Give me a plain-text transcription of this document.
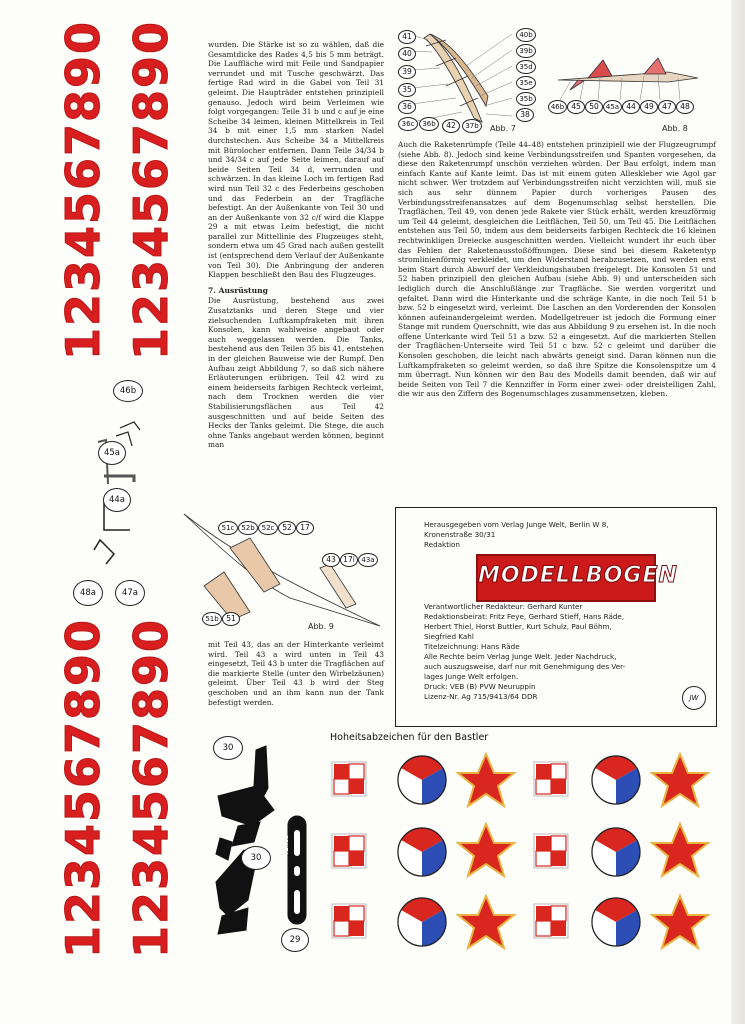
1234567890 1234567890
1234567890 1234567890

wurden. Die Stärke ist so zu wählen, daß die Gesamtdicke des Rades 4,5 bis 5 mm beträgt. Die Lauffläche wird mit Feile und Sandpapier verrundet und mit Tusche geschwärzt. Das fertige Rad wird in die Gabel von Teil 31 geleimt. Die Haupträder entstehen prinzipiell genauso. Jedoch wird beim Verleimen wie folgt vorgegangen: Teile 31 b und c auf je eine Scheibe 34 leimen, kleinen Mittelkreis in Teil 34 b mit einer 1,5 mm starken Nadel durchstechen. Aus Scheibe 34 a Mittelkreis mit Bürolocher entfernen. Dann Teile 34/34 b und 34/34 c auf jede Seite leimen, darauf auf beide Seiten Teil 34 d, verrunden und schwärzen. In das kleine Loch im fertigen Rad wird nun Teil 32 c des Federbeins geschoben und das Federbein an der Tragfläche befestigt. An der Außenkante von Teil 30 und an der Außenkante von 32 c/f wird die Klappe 29 a mit etwas Leim befestigt, die nicht parallel zur Mittellinie des Flugzeuges steht, sondern etwa um 45 Grad nach außen gestellt ist (entsprechend dem Verlauf der Außenkante von Teil 30). Die Anbringung der anderen Klappen beschließt den Bau des Flugzeuges.

7. Ausrüstung

Die Ausrüstung, bestehend aus zwei Zusatztanks und deren Stege und vier zielsuchenden Luftkampfraketen mit ihren Konsolen, kann wahlweise angebaut oder auch weggelassen werden. Die Tanks, bestehend aus den Teilen 35 bis 41, entstehen in der gleichen Bauweise wie der Rumpf. Den Aufbau zeigt Abbildung 7, so daß sich nähere Erläuterungen erübrigen. Teil 42 wird zu einem beiderseits farbigen Rechteck verleimt, nach dem Trocknen werden die vier Stabilisierungsflächen aus Teil 42 ausgeschnitten und auf beide Seiten des Hecks der Tanks geleimt. Die Stege, die auch ohne Tanks angebaut werden können, beginnt man

mit Teil 43, das an der Hinterkante verleimt wird. Teil 43 a wird unten in Teil 43 eingesetzt, Teil 43 b unter die Tragflächen auf die markierte Stelle (unter den Wirbelzäunen) geleimt. Über Teil 43 b wird der Steg geschoben und an ihm kann nun der Tank befestigt werden.

Auch die Raketenrümpfe (Teile 44–48) entstehen prinzipiell wie der Flugzeugrumpf (siehe Abb. 8). Jedoch sind keine Verbindungsstreifen und Spanten vorgesehen, da diese den Raketenrumpf unschön verziehen würden. Der Bau erfolgt, indem man einfach Kante auf Kante leimt. Das ist mit einem guten Alleskleber wie Agol gar nicht schwer. Wer trotzdem auf Verbindungsstreifen nicht verzichten will, muß sie sich aus sehr dünnem Papier durch vorheriges Pausen des Verbindungsstreifenansatzes auf dem Bogenumschlag selbst herstellen. Die Tragflächen, Teil 49, von denen jede Rakete vier Stück erhält, werden kreuzförmig um Teil 44 geleimt, desgleichen die Leitflächen, Teil 50, um Teil 45. Die Leitflächen entstehen aus Teil 50, indem aus dem beiderseits farbigen Rechteck die 16 kleinen rechtwinkligen Dreiecke ausgeschnitten werden. Vielleicht wundert ihr euch über das Fehlen der Raketenausstoßöffnungen. Diese sind bei diesem Raketentyp stromlinienförmig verkleidet, um den Widerstand herabzusetzen, und werden erst beim Start durch Abwurf der Verkleidungshauben freigelegt. Die Konsolen 51 und 52 haben prinzipiell den gleichen Aufbau (siehe Abb. 9) und unterscheiden sich lediglich durch die Anschlußlänge zur Tragfläche. Sie werden vorgeritzt und gefaltet. Dann wird die Hinterkante und die schräge Kante, in die noch Teil 51 b bzw. 52 b eingesetzt wird, verleimt. Die Laschen an den Vorderenden der Konsolen können aufeinandergeleimt werden. Modellgetreuer ist jedoch die Formung einer Stange mit rundem Querschnitt, wie das aus Abbildung 9 zu ersehen ist. In die noch offene Unterkante wird Teil 51 a bzw. 52 a eingesetzt. Auf die markierten Stellen der Tragflächen-Unterseite wird Teil 51 c bzw. 52 c geleimt und darüber die Konsolen geschoben, die leicht nach abwärts geneigt sind. Daran können nun die Luftkampfraketen so geleimt werden, so daß ihre Spitze die Konsolenspitze um 4 mm überragt. Nun können wir den Bau des Modells damit beenden, daß wir auf beide Seiten von Teil 7 die Kennziffer in Form einer zwei- oder dreistelligen Zahl, die wir aus den Ziffern des Bogenumschlages zusammensetzen, kleben.

41
40
39
35
36
36c	36b	42	37b
40b
39b
35d
35e
35b
38
Abb. 7
46b 45	50	45a 44	49	47	48
Abb. 8
46b
45a
44a
48a	47a
51c 52b 52c	52	17
43 17i 43a
51b	51
Abb. 9
Herausgegeben vom Verlag Junge Welt, Berlin W 8,
Kronenstraße 30/31
Redaktion
MODELLBOGEN
Verantwortlicher Redakteur: Gerhard Kunter
Redaktionsbeirat: Fritz Feye, Gerhard Stieff, Hans Räde,
Herbert Thiel, Horst Buttler, Kurt Schulz, Paul Böhm,
Siegfried Kahl
Titelzeichnung: Hans Räde
Alle Rechte beim Verlag Junge Welt. Jeder Nachdruck,
auch auszugsweise, darf nur mit Genehmigung des Ver-
lages Junge Welt erfolgen.
Druck: VEB (B) PVW Neuruppin
Lizenz-Nr. Ag 715/9413/64 DDR	JW
VENUS
30
30
29
Hoheitsabzeichen für den Bastler
